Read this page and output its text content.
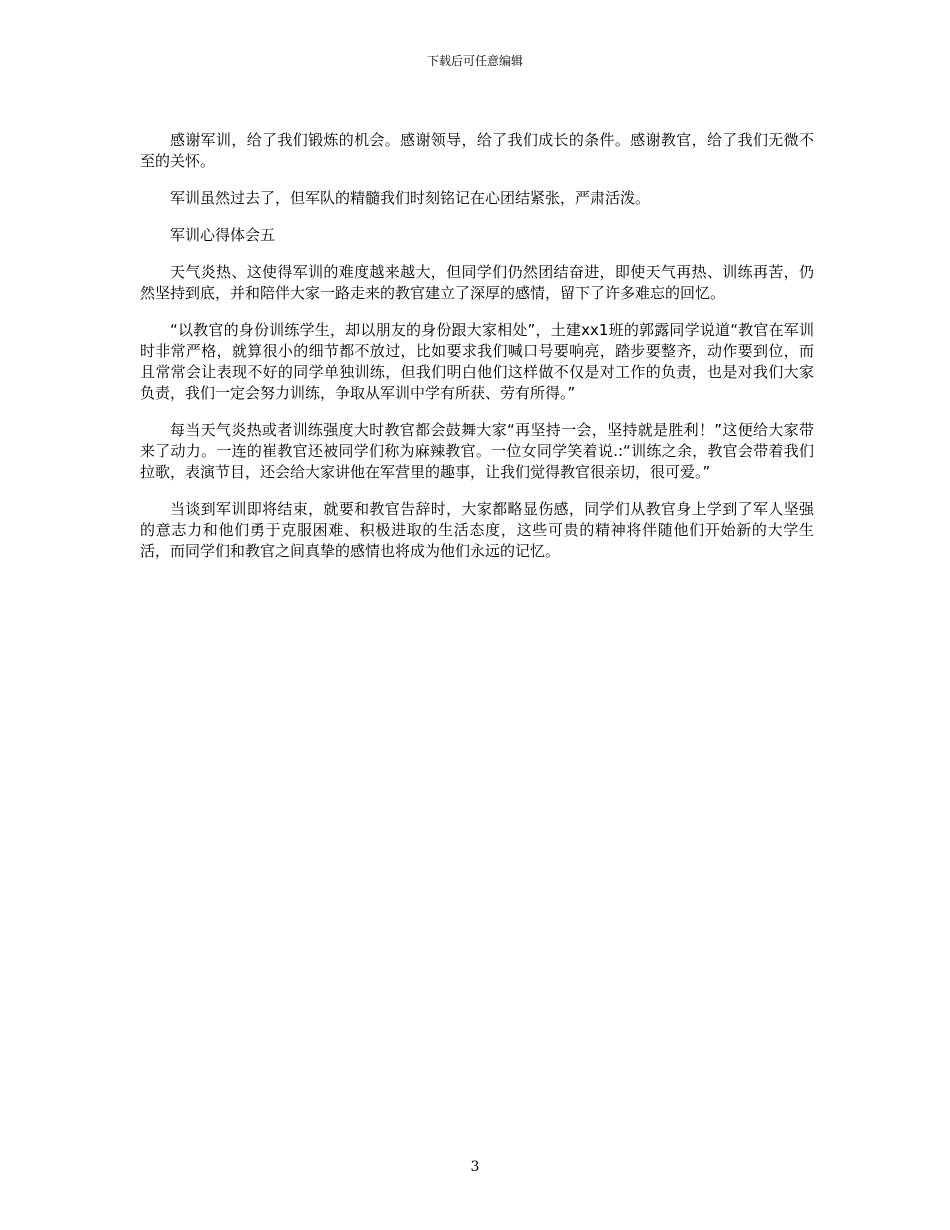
下载后可任意编辑

感谢军训，给了我们锻炼的机会。感谢领导，给了我们成长的条件。感谢教官，给了我们无微不至的关怀。

军训虽然过去了，但军队的精髓我们时刻铭记在心团结紧张，严肃活泼。

军训心得体会五

天气炎热、这使得军训的难度越来越大，但同学们仍然团结奋进，即使天气再热、训练再苦，仍然坚持到底，并和陪伴大家一路走来的教官建立了深厚的感情，留下了许多难忘的回忆。

“以教官的身份训练学生，却以朋友的身份跟大家相处”，土建xx1班的郭露同学说道“教官在军训时非常严格，就算很小的细节都不放过，比如要求我们喊口号要响亮，踏步要整齐，动作要到位，而且常常会让表现不好的同学单独训练，但我们明白他们这样做不仅是对工作的负责，也是对我们大家负责，我们一定会努力训练，争取从军训中学有所获、劳有所得。”

每当天气炎热或者训练强度大时教官都会鼓舞大家“再坚持一会，坚持就是胜利！”这便给大家带来了动力。一连的崔教官还被同学们称为麻辣教官。一位女同学笑着说.:“训练之余，教官会带着我们拉歌，表演节目，还会给大家讲他在军营里的趣事，让我们觉得教官很亲切，很可爱。”

当谈到军训即将结束，就要和教官告辞时，大家都略显伤感，同学们从教官身上学到了军人坚强的意志力和他们勇于克服困难、积极进取的生活态度，这些可贵的精神将伴随他们开始新的大学生活，而同学们和教官之间真挚的感情也将成为他们永远的记忆。

3
